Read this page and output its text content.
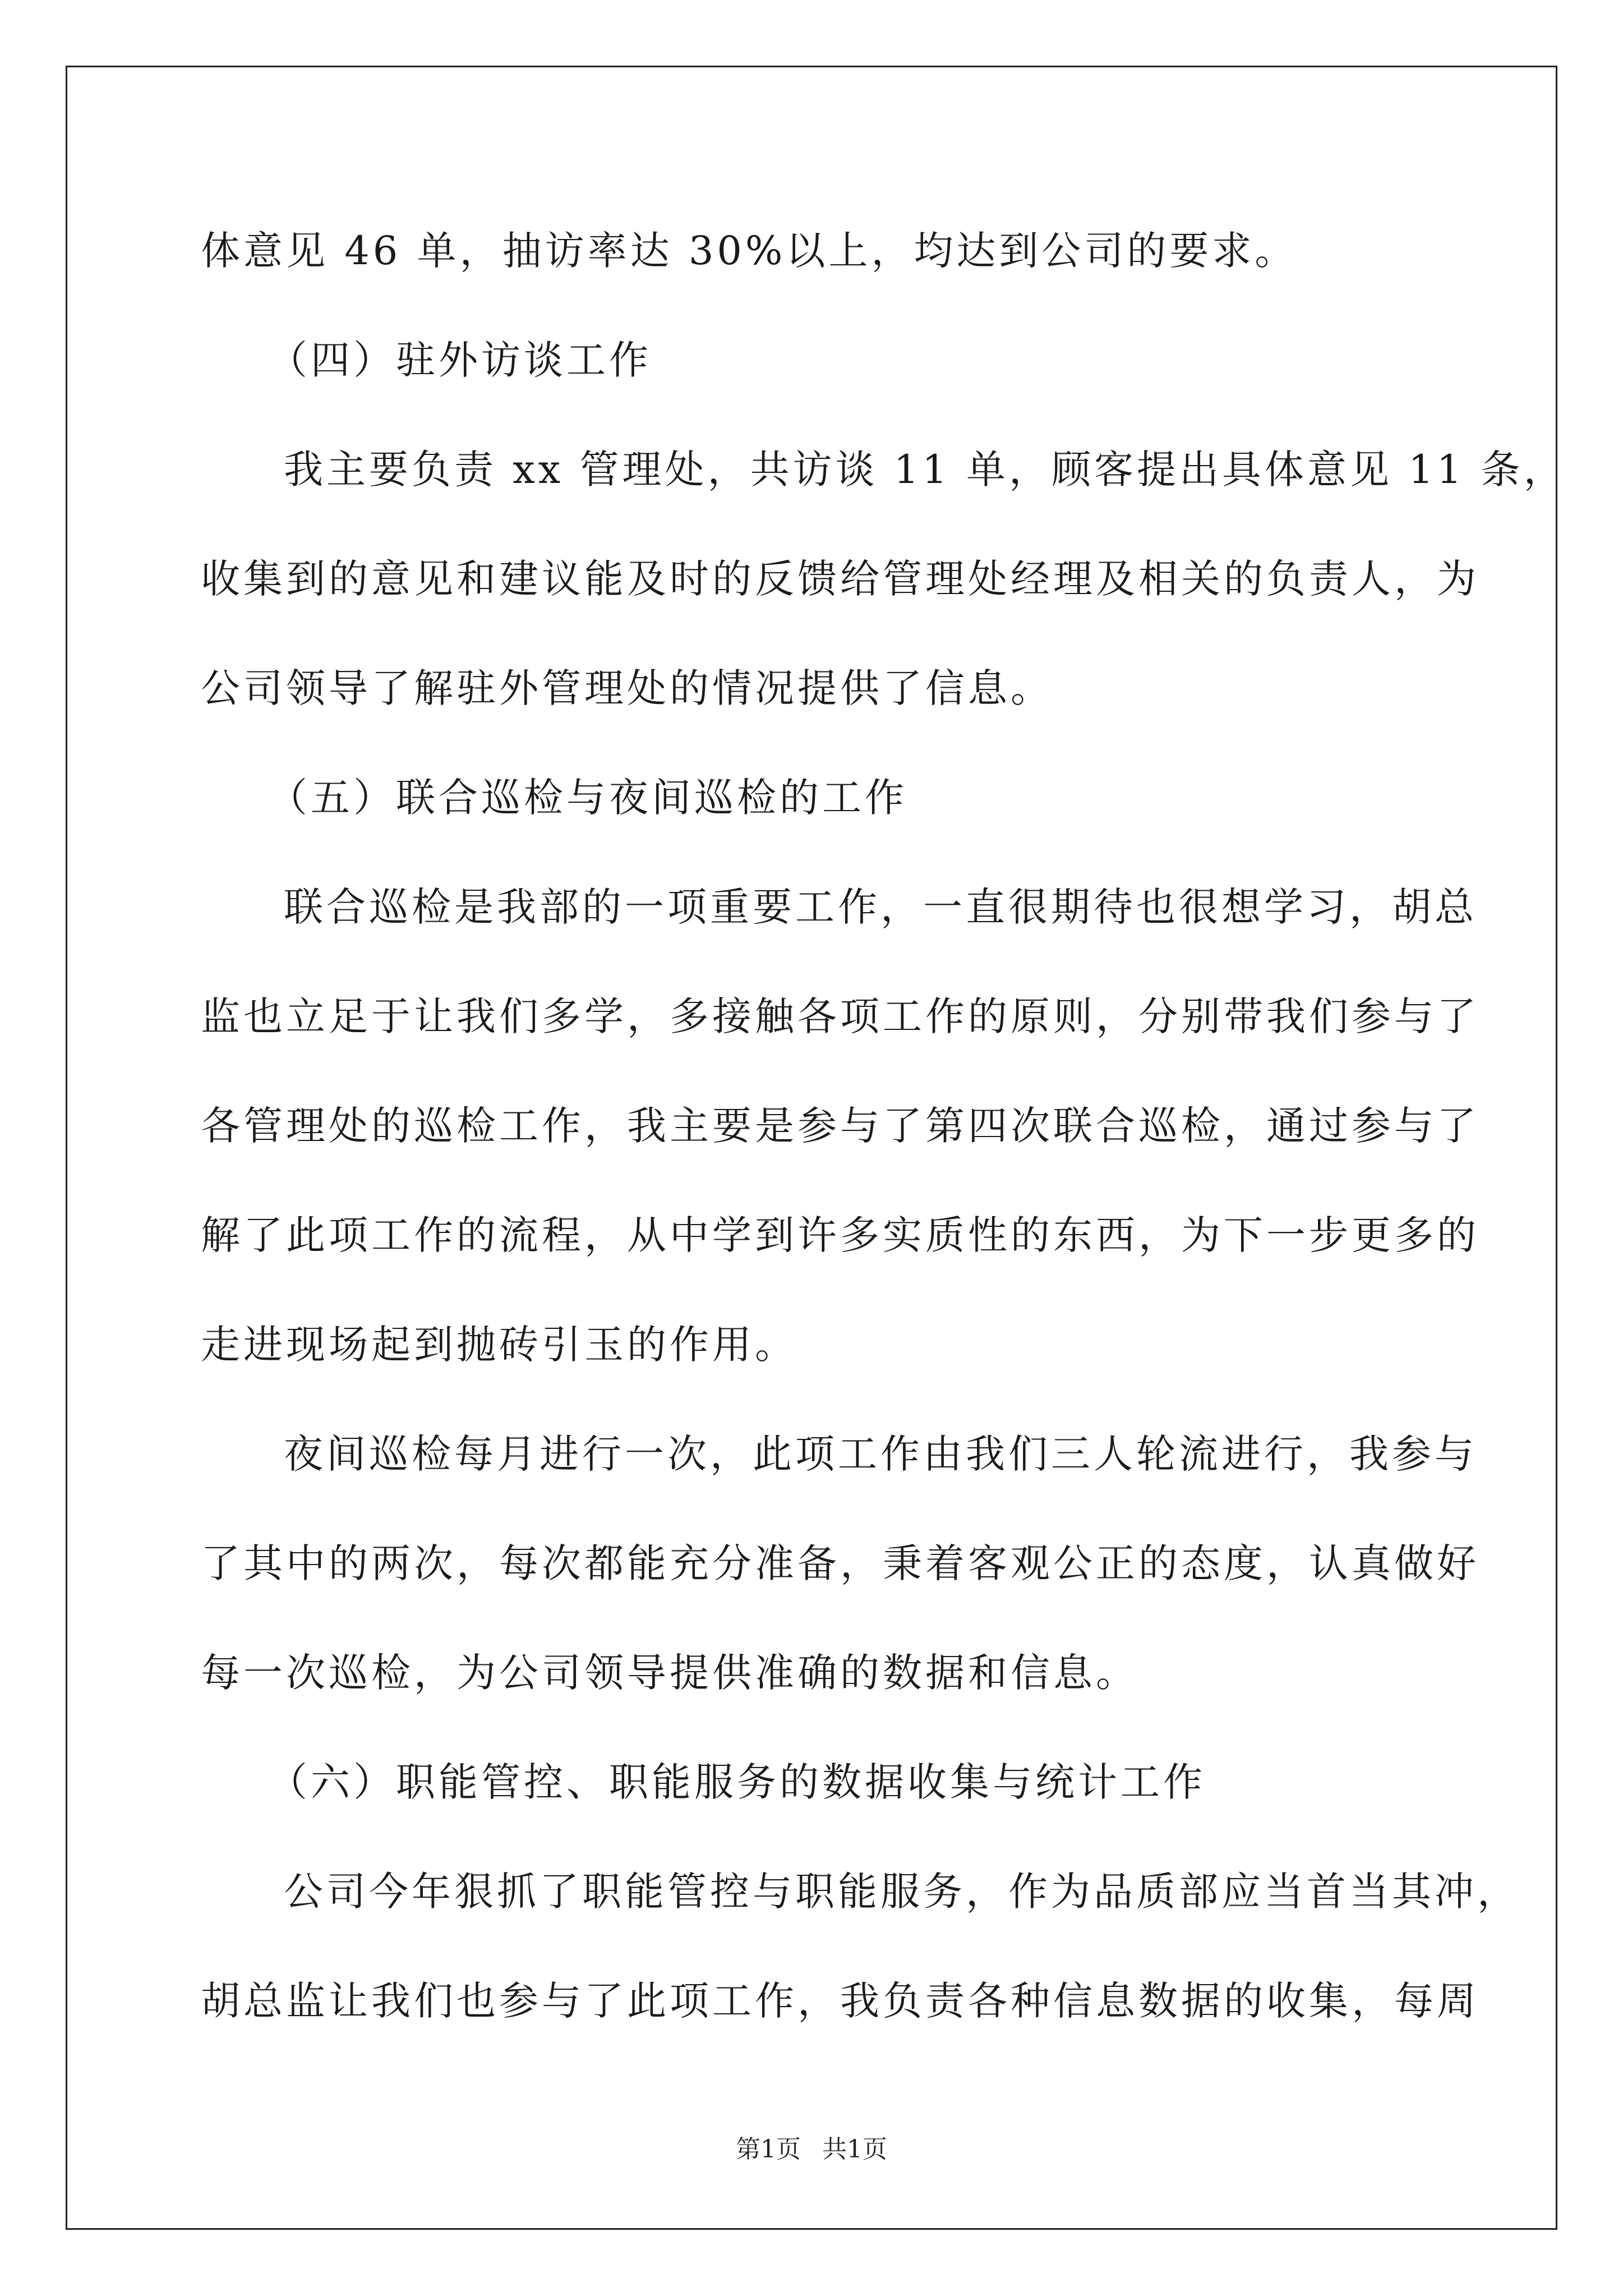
体意见 46 单，抽访率达 30%以上，均达到公司的要求。
（四）驻外访谈工作
我主要负责 xx 管理处，共访谈 11 单，顾客提出具体意见 11 条，
收集到的意见和建议能及时的反馈给管理处经理及相关的负责人，为
公司领导了解驻外管理处的情况提供了信息。
（五）联合巡检与夜间巡检的工作
联合巡检是我部的一项重要工作，一直很期待也很想学习，胡总
监也立足于让我们多学，多接触各项工作的原则，分别带我们参与了
各管理处的巡检工作，我主要是参与了第四次联合巡检，通过参与了
解了此项工作的流程，从中学到许多实质性的东西，为下一步更多的
走进现场起到抛砖引玉的作用。
夜间巡检每月进行一次，此项工作由我们三人轮流进行，我参与
了其中的两次，每次都能充分准备，秉着客观公正的态度，认真做好
每一次巡检，为公司领导提供准确的数据和信息。
（六）职能管控、职能服务的数据收集与统计工作
公司今年狠抓了职能管控与职能服务，作为品质部应当首当其冲，
胡总监让我们也参与了此项工作，我负责各种信息数据的收集，每周
第1页 共1页
